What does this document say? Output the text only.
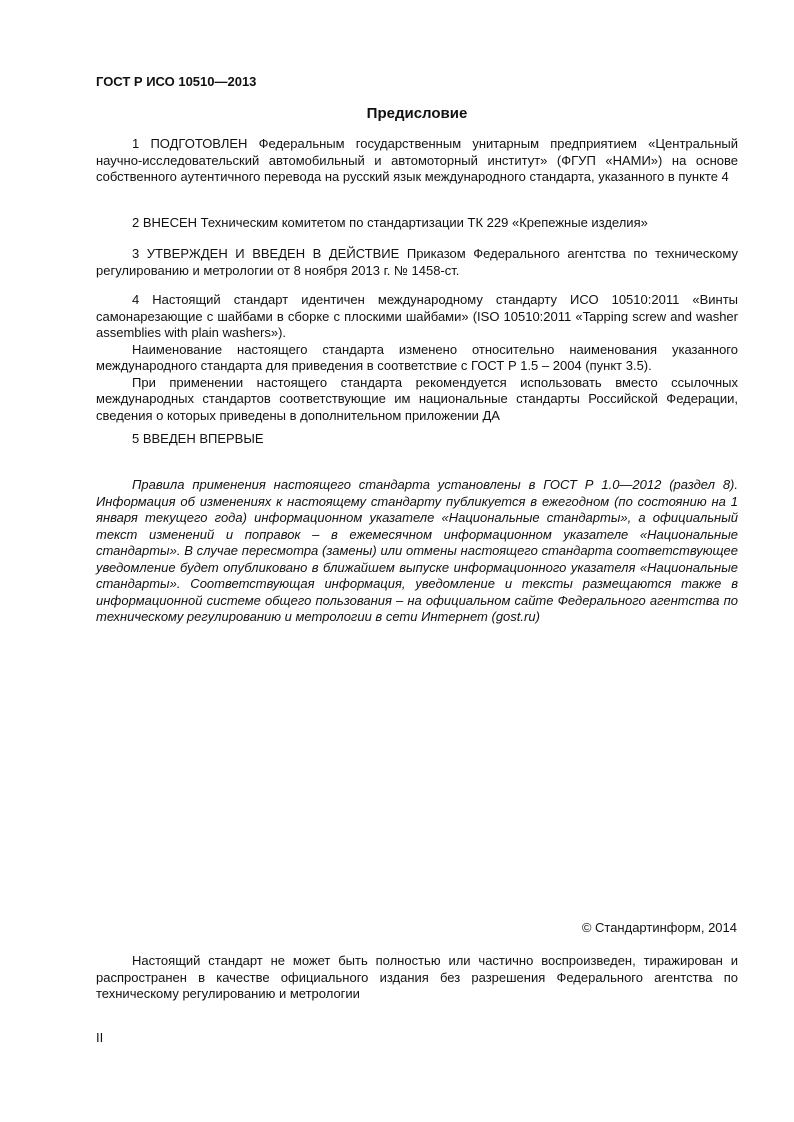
ГОСТ Р ИСО 10510—2013
Предисловие

1 ПОДГОТОВЛЕН Федеральным государственным унитарным предприятием «Центральный научно-исследовательский автомобильный и автомоторный институт» (ФГУП «НАМИ») на основе собственного аутентичного перевода на русский язык международного стандарта, указанного в пункте 4

2 ВНЕСЕН Техническим комитетом по стандартизации ТК 229 «Крепежные изделия»

3 УТВЕРЖДЕН И ВВЕДЕН В ДЕЙСТВИЕ Приказом Федерального агентства по техническому регулированию и метрологии от 8 ноября 2013 г. № 1458-ст.

4 Настоящий стандарт идентичен международному стандарту ИСО 10510:2011 «Винты самонарезающие с шайбами в сборке с плоскими шайбами» (ISO 10510:2011 «Tapping screw and washer assemblies with plain washers»).

Наименование настоящего стандарта изменено относительно наименования указанного международного стандарта для приведения в соответствие с ГОСТ Р 1.5 – 2004 (пункт 3.5).

При применении настоящего стандарта рекомендуется использовать вместо ссылочных международных стандартов соответствующие им национальные стандарты Российской Федерации, сведения о которых приведены в дополнительном приложении ДА

5 ВВЕДЕН ВПЕРВЫЕ

Правила применения настоящего стандарта установлены в ГОСТ Р 1.0—2012 (раздел 8). Информация об изменениях к настоящему стандарту публикуется в ежегодном (по состоянию на 1 января текущего года) информационном указателе «Национальные стандарты», а официальный текст изменений и поправок – в ежемесячном информационном указателе «Национальные стандарты». В случае пересмотра (замены) или отмены настоящего стандарта соответствующее уведомление будет опубликовано в ближайшем выпуске информационного указателя «Национальные стандарты». Соответствующая информация, уведомление и тексты размещаются также в информационной системе общего пользования – на официальном сайте Федерального агентства по техническому регулированию и метрологии в сети Интернет (gost.ru)

© Стандартинформ, 2014

Настоящий стандарт не может быть полностью или частично воспроизведен, тиражирован и распространен в качестве официального издания без разрешения Федерального агентства по техническому регулированию и метрологии

II
